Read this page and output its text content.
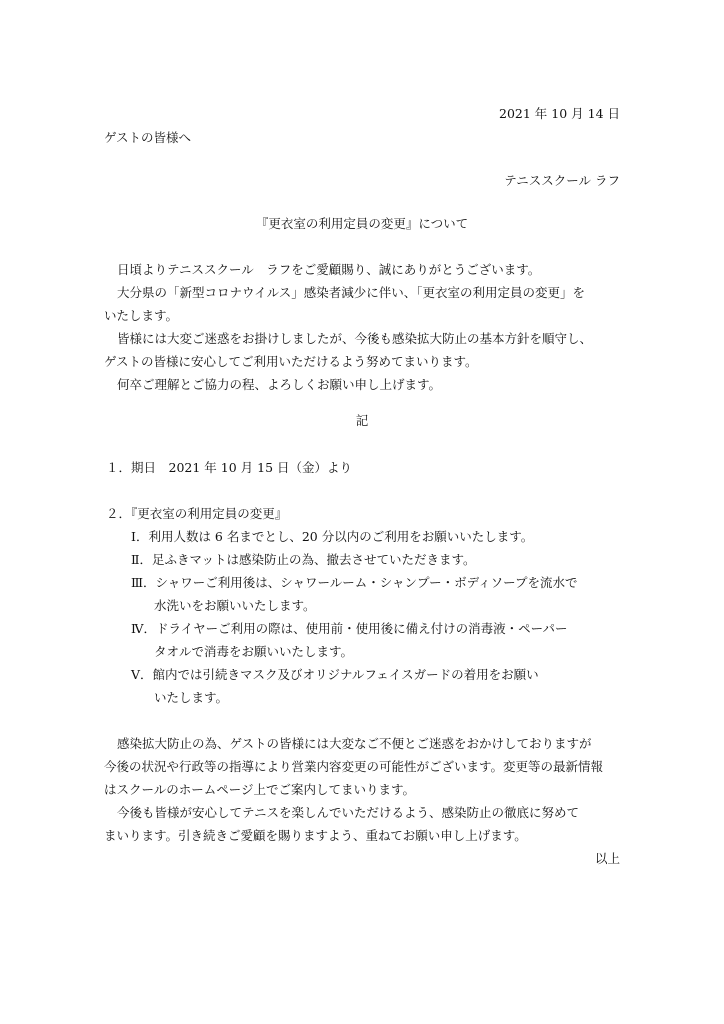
2021 年 10 月 14 日
ゲストの皆様へ
テニススクール ラフ
『更衣室の利用定員の変更』について
日頃よりテニススクール　ラフをご愛顧賜り、誠にありがとうございます。
大分県の「新型コロナウイルス」感染者減少に伴い、「更衣室の利用定員の変更」を
いたします。
皆様には大変ご迷惑をお掛けしましたが、今後も感染拡大防止の基本方針を順守し、
ゲストの皆様に安心してご利用いただけるよう努めてまいります。
何卒ご理解とご協力の程、よろしくお願い申し上げます。
記
１．期日　2021 年 10 月 15 日（金）より
２．『更衣室の利用定員の変更』
Ⅰ．利用人数は 6 名までとし、20 分以内のご利用をお願いいたします。
Ⅱ．足ふきマットは感染防止の為、撤去させていただきます。
Ⅲ．シャワーご利用後は、シャワールーム・シャンプー・ボディソープを流水で
水洗いをお願いいたします。
Ⅳ．ドライヤーご利用の際は、使用前・使用後に備え付けの消毒液・ペーパー
タオルで消毒をお願いいたします。
Ⅴ．館内では引続きマスク及びオリジナルフェイスガードの着用をお願い
いたします。
感染拡大防止の為、ゲストの皆様には大変なご不便とご迷惑をおかけしておりますが
今後の状況や行政等の指導により営業内容変更の可能性がございます。変更等の最新情報
はスクールのホームページ上でご案内してまいります。
今後も皆様が安心してテニスを楽しんでいただけるよう、感染防止の徹底に努めて
まいります。引き続きご愛顧を賜りますよう、重ねてお願い申し上げます。
以上
